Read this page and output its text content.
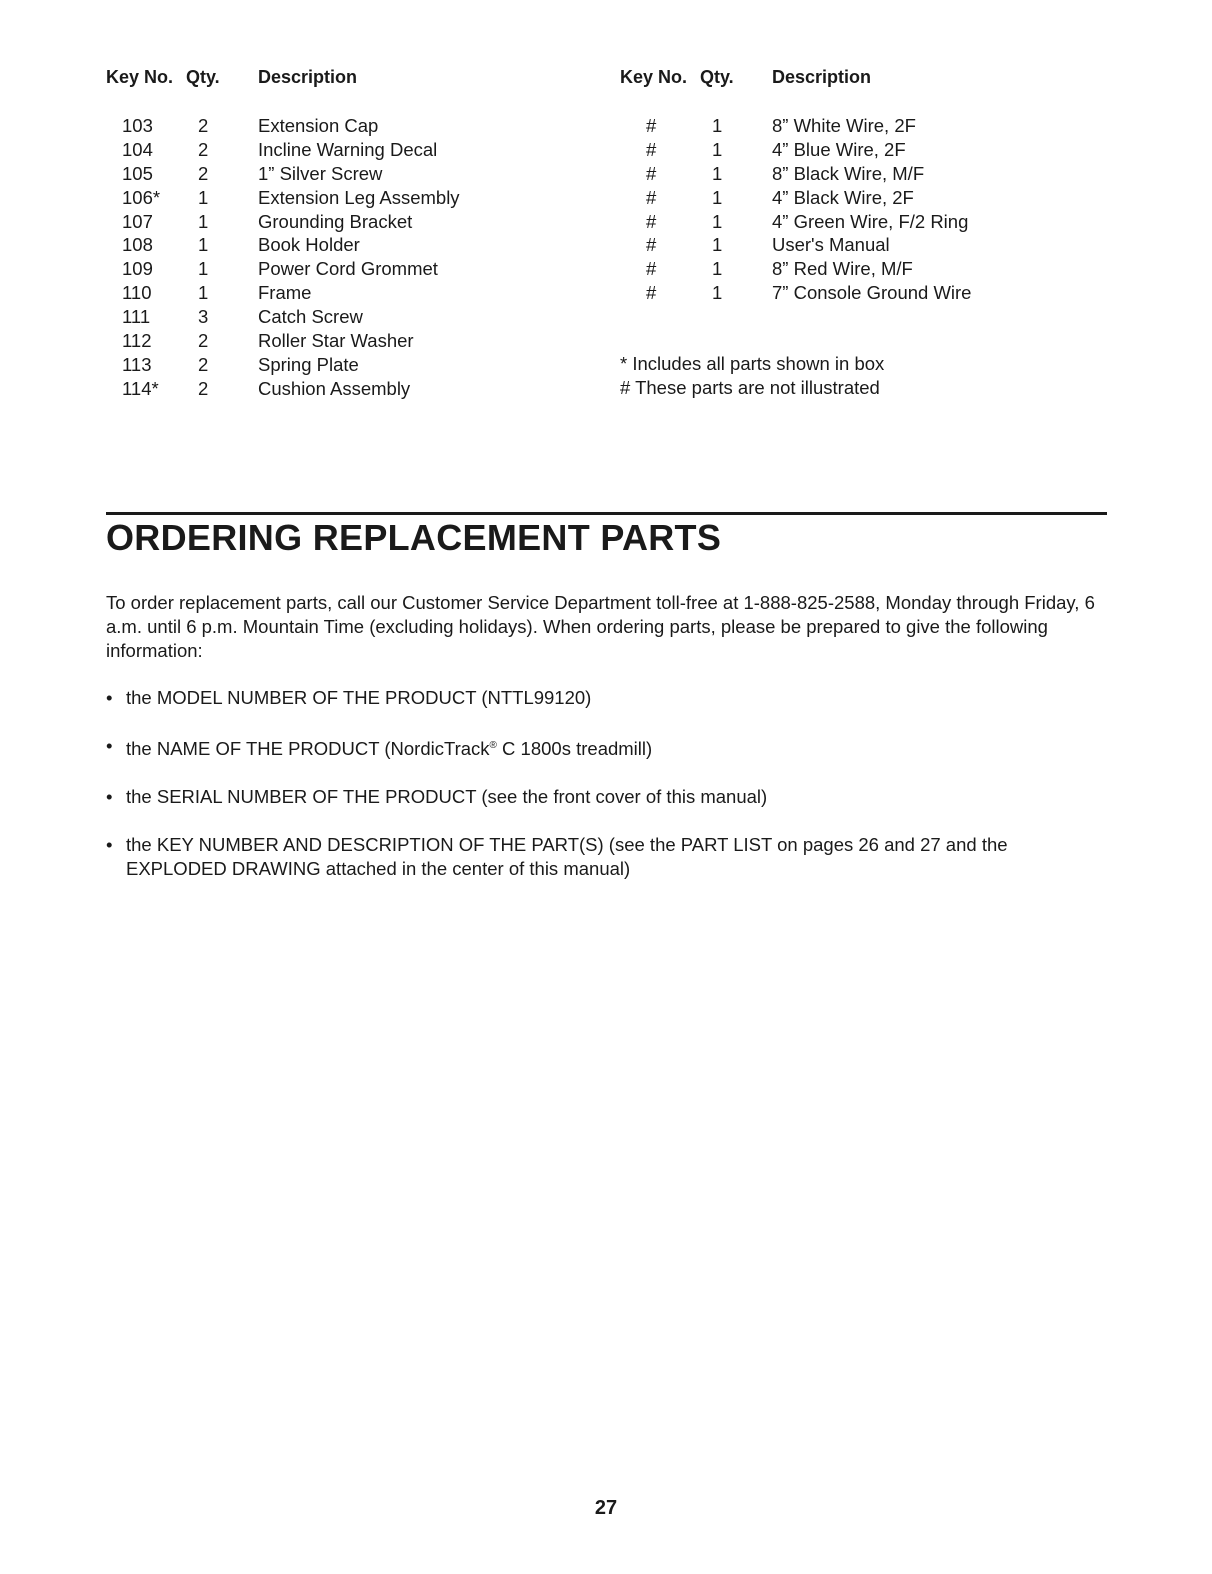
Key No. Qty.	Description
103	2	Extension Cap
104	2	Incline Warning Decal
105	2	1” Silver Screw
106*	1	Extension Leg Assembly
107	1	Grounding Bracket
108	1	Book Holder
109	1	Power Cord Grommet
110	1	Frame
111	3	Catch Screw
112	2	Roller Star Washer
113	2	Spring Plate
114*	2	Cushion Assembly
Key No. Qty.	Description
#	1	8” White Wire, 2F
#	1	4” Blue Wire, 2F
#	1	8” Black Wire, M/F
#	1	4” Black Wire, 2F
#	1	4” Green Wire, F/2 Ring
#	1	User's Manual
#	1	8” Red Wire, M/F
#	1	7” Console Ground Wire
* Includes all parts shown in box
# These parts are not illustrated
ORDERING REPLACEMENT PARTS

To order replacement parts, call our Customer Service Department toll-free at 1-888-825-2588, Monday through Friday, 6 a.m. until 6 p.m. Mountain Time (excluding holidays). When ordering parts, please be prepared to give the following information:

• the MODEL NUMBER OF THE PRODUCT (NTTL99120)
• the NAME OF THE PRODUCT (NordicTrack® C 1800s treadmill)
• the SERIAL NUMBER OF THE PRODUCT (see the front cover of this manual)
• the KEY NUMBER AND DESCRIPTION OF THE PART(S) (see the PART LIST on pages 26 and 27 and the EXPLODED DRAWING attached in the center of this manual)
27
